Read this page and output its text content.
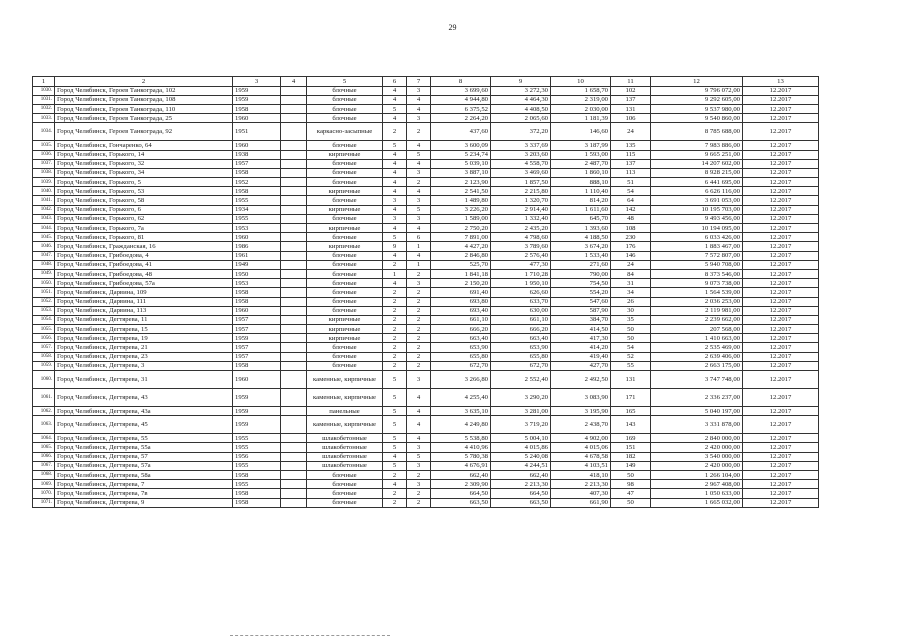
29
1	2	3	4	5	6	7	8	9	10	11	12	13
1030.	Город Челябинск, Героев Танкограда, 102	1959		блочные	4	3	3 699,60	3 272,30	1 658,70	102	9 796 072,00	12.2017
1031.	Город Челябинск, Героев Танкограда, 108	1959		блочные	4	4	4 944,80	4 464,30	2 319,00	137	9 292 605,00	12.2017
1032.	Город Челябинск, Героев Танкограда, 110	1958		блочные	5	4	6 375,52	4 408,50	2 030,00	131	9 537 980,00	12.2017
1033.	Город Челябинск, Героев Танкограда, 25	1960		блочные	4	3	2 264,20	2 065,60	1 181,39	106	9 540 860,00	12.2017
1034.	Город Челябинск, Героев Танкограда, 92	1951		каркасно-засыпные	2	2	437,60	372,20	146,60	24	8 785 688,00	12.2017
1035.	Город Челябинск, Гончаренко, 64	1960		блочные	5	4	3 600,09	3 337,69	3 187,99	135	7 983 886,00	12.2017
1036.	Город Челябинск, Горького, 14	1938		кирпичные	4	5	5 234,74	3 203,60	1 593,00	115	9 665 251,00	12.2017
1037.	Город Челябинск, Горького, 32	1957		блочные	4	4	5 039,10	4 558,70	2 487,70	137	14 207 602,00	12.2017
1038.	Город Челябинск, Горького, 34	1958		блочные	4	3	3 887,10	3 469,60	1 860,10	113	8 928 215,00	12.2017
1039.	Город Челябинск, Горького, 5	1952		блочные	4	2	2 123,90	1 857,50	888,10	51	6 441 695,00	12.2017
1040.	Город Челябинск, Горького, 53	1958		кирпичные	4	4	2 541,50	2 215,80	1 110,40	54	6 626 116,00	12.2017
1041.	Город Челябинск, Горького, 58	1955		блочные	3	3	1 489,80	1 320,70	814,20	64	3 691 053,00	12.2017
1042.	Город Челябинск, Горького, 6	1934		кирпичные	4	5	3 226,20	2 914,40	1 611,60	142	10 195 703,00	12.2017
1043.	Город Челябинск, Горького, 62	1955		блочные	3	3	1 589,00	1 332,40	645,70	48	9 493 456,00	12.2017
1044.	Город Челябинск, Горького, 7а	1953		кирпичные	4	4	2 750,20	2 435,20	1 393,60	108	10 194 095,00	12.2017
1045.	Город Челябинск, Горького, 81	1960		блочные	5	6	7 891,00	4 798,60	4 188,50	230	6 033 426,00	12.2017
1046.	Город Челябинск, Гражданская, 16	1986		кирпичные	9	1	4 427,20	3 789,60	3 674,20	176	1 883 467,00	12.2017
1047.	Город Челябинск, Грибоедова, 4	1961		блочные	4	4	2 846,80	2 576,40	1 533,40	146	7 572 807,00	12.2017
1048.	Город Челябинск, Грибоедова, 41	1949		блочные	2	1	525,70	477,30	271,60	24	5 940 708,00	12.2017
1049.	Город Челябинск, Грибоедова, 48	1950		блочные	1	2	1 841,18	1 710,28	790,00	84	8 373 546,00	12.2017
1050.	Город Челябинск, Грибоедова, 57а	1953		блочные	4	3	2 150,20	1 950,10	754,50	31	9 073 738,00	12.2017
1051.	Город Челябинск, Дарвина, 109	1958		блочные	2	2	691,40	626,60	554,20	34	1 564 539,00	12.2017
1052.	Город Челябинск, Дарвина, 111	1958		блочные	2	2	693,80	633,70	547,60	26	2 036 253,00	12.2017
1053.	Город Челябинск, Дарвина, 113	1960		блочные	2	2	693,40	630,00	587,90	30	2 119 981,00	12.2017
1054.	Город Челябинск, Дегтярева, 11	1957		кирпичные	2	2	661,10	661,10	384,70	35	2 239 662,00	12.2017
1055.	Город Челябинск, Дегтярева, 15	1957		кирпичные	2	2	666,20	666,20	414,50	50	207 568,00	12.2017
1056.	Город Челябинск, Дегтярева, 19	1959		кирпичные	2	2	663,40	663,40	417,30	50	1 410 663,00	12.2017
1057.	Город Челябинск, Дегтярева, 21	1957		блочные	2	2	653,90	653,90	414,20	54	2 535 469,00	12.2017
1058.	Город Челябинск, Дегтярева, 23	1957		блочные	2	2	655,80	655,80	419,40	52	2 639 406,00	12.2017
1059.	Город Челябинск, Дегтярева, 3	1958		блочные	2	2	672,70	672,70	427,70	55	2 663 175,00	12.2017
1060.	Город Челябинск, Дегтярева, 31	1960		каменные, кирпичные	5	3	3 266,80	2 552,40	2 492,50	131	3 747 748,00	12.2017
1061.	Город Челябинск, Дегтярева, 43	1959		каменные, кирпичные	5	4	4 255,40	3 290,20	3 083,90	171	2 336 237,00	12.2017
1062.	Город Челябинск, Дегтярева, 43а	1959		панельные	5	4	3 635,10	3 281,00	3 195,90	165	5 040 197,00	12.2017
1063.	Город Челябинск, Дегтярева, 45	1959		каменные, кирпичные	5	4	4 249,80	3 719,20	2 438,70	143	3 331 878,00	12.2017
1064.	Город Челябинск, Дегтярева, 55	1955		шлакобетонные	5	4	5 538,80	5 004,10	4 902,00	169	2 840 000,00	12.2017
1065.	Город Челябинск, Дегтярева, 55а	1955		шлакобетонные	5	3	4 410,96	4 015,86	4 015,06	151	2 420 000,00	12.2017
1066.	Город Челябинск, Дегтярева, 57	1956		шлакобетонные	4	5	5 780,38	5 240,08	4 678,58	182	3 540 000,00	12.2017
1067.	Город Челябинск, Дегтярева, 57а	1955		шлакобетонные	5	3	4 676,91	4 244,51	4 103,51	149	2 420 000,00	12.2017
1068.	Город Челябинск, Дегтярева, 58а	1958		блочные	2	2	662,40	662,40	418,10	50	1 266 104,00	12.2017
1069.	Город Челябинск, Дегтярева, 7	1955		блочные	4	3	2 309,90	2 213,30	2 213,30	98	2 967 408,00	12.2017
1070.	Город Челябинск, Дегтярева, 7в	1958		блочные	2	2	664,50	664,50	407,30	47	1 050 633,00	12.2017
1071.	Город Челябинск, Дегтярева, 9	1958		блочные	2	2	663,50	663,50	661,90	50	1 665 032,00	12.2017
